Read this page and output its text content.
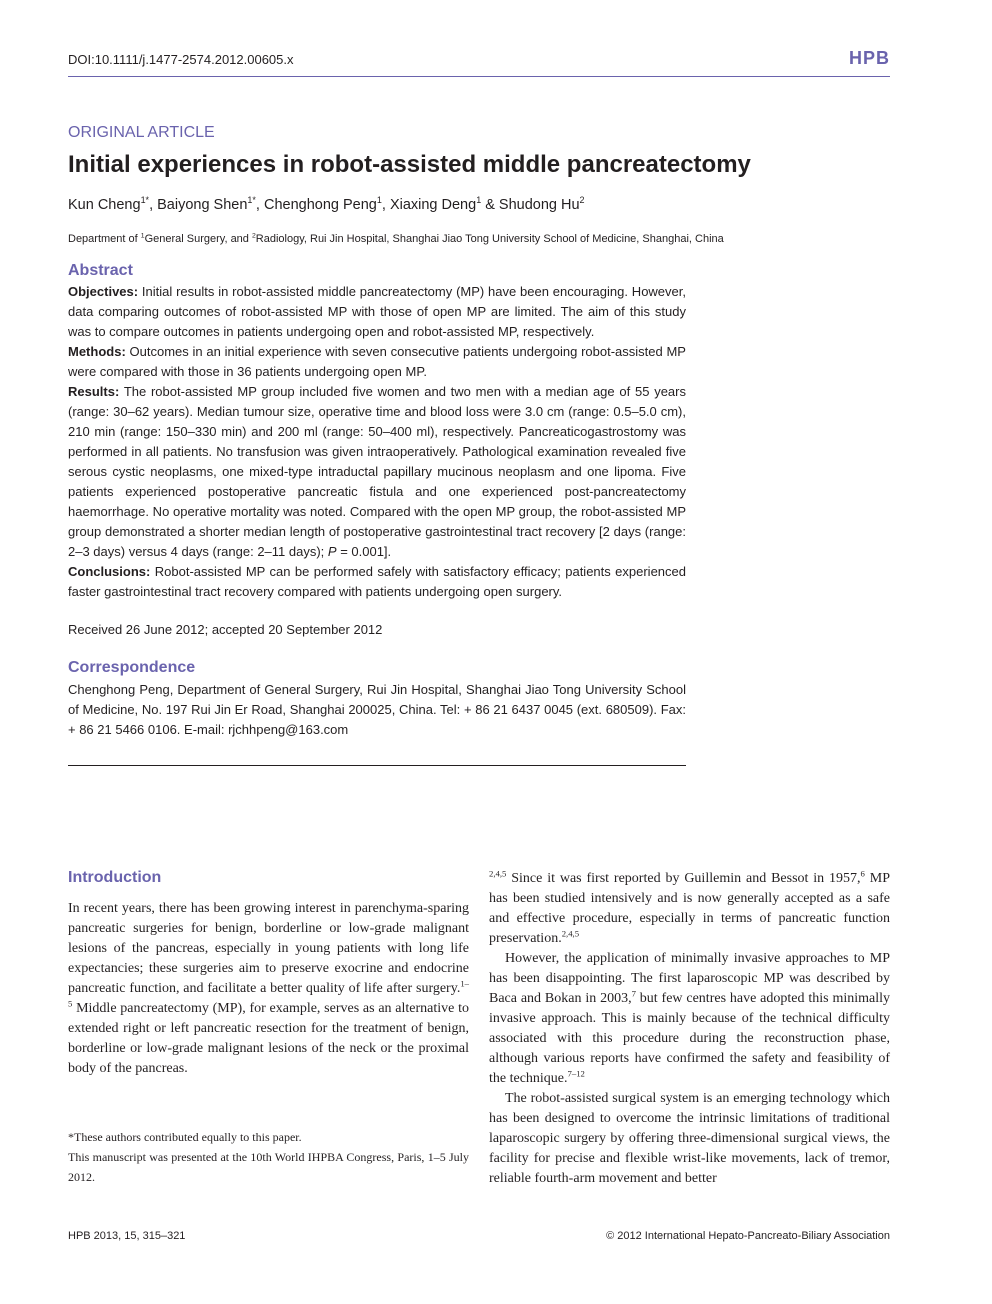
DOI:10.1111/j.1477-2574.2012.00605.x	HPB
ORIGINAL ARTICLE
Initial experiences in robot-assisted middle pancreatectomy
Kun Cheng$^{1*}$, Baiyong Shen$^{1*}$, Chenghong Peng$^1$, Xiaxing Deng$^1$ & Shudong Hu$^2$
Department of $^1$General Surgery, and $^2$Radiology, Rui Jin Hospital, Shanghai Jiao Tong University School of Medicine, Shanghai, China
Abstract

Objectives: Initial results in robot-assisted middle pancreatectomy (MP) have been encouraging. However, data comparing outcomes of robot-assisted MP with those of open MP are limited. The aim of this study was to compare outcomes in patients undergoing open and robot-assisted MP, respectively.

Methods: Outcomes in an initial experience with seven consecutive patients undergoing robot-assisted MP were compared with those in 36 patients undergoing open MP.

Results: The robot-assisted MP group included five women and two men with a median age of 55 years (range: 30–62 years). Median tumour size, operative time and blood loss were 3.0 cm (range: 0.5–5.0 cm), 210 min (range: 150–330 min) and 200 ml (range: 50–400 ml), respectively. Pancreaticogastrostomy was performed in all patients. No transfusion was given intraoperatively. Pathological examination revealed five serous cystic neoplasms, one mixed-type intraductal papillary mucinous neoplasm and one lipoma. Five patients experienced postoperative pancreatic fistula and one experienced post-pancreatectomy haemorrhage. No operative mortality was noted. Compared with the open MP group, the robot-assisted MP group demonstrated a shorter median length of postoperative gastrointestinal tract recovery [2 days (range: 2–3 days) versus 4 days (range: 2–11 days); P = 0.001].

Conclusions: Robot-assisted MP can be performed safely with satisfactory efficacy; patients experienced faster gastrointestinal tract recovery compared with patients undergoing open surgery.

Received 26 June 2012; accepted 20 September 2012
Correspondence

Chenghong Peng, Department of General Surgery, Rui Jin Hospital, Shanghai Jiao Tong University School of Medicine, No. 197 Rui Jin Er Road, Shanghai 200025, China. Tel: + 86 21 6437 0045 (ext. 680509). Fax: + 86 21 5466 0106. E-mail: rjchhpeng@163.com

Introduction

In recent years, there has been growing interest in parenchyma-sparing pancreatic surgeries for benign, borderline or low-grade malignant lesions of the pancreas, especially in young patients with long life expectancies; these surgeries aim to preserve exocrine and endocrine pancreatic function, and facilitate a better quality of life after surgery.$^{1-5}$ Middle pancreatectomy (MP), for example, serves as an alternative to extended right or left pancreatic resection for the treatment of benign, borderline or low-grade malignant lesions of the neck or the proximal body of the pancreas.

*These authors contributed equally to this paper.

This manuscript was presented at the 10th World IHPBA Congress, Paris, 1–5 July 2012.

$^{2,4,5}$ Since it was first reported by Guillemin and Bessot in 1957,$^6$ MP has been studied intensively and is now generally accepted as a safe and effective procedure, especially in terms of pancreatic function preservation.$^{2,4,5}$

However, the application of minimally invasive approaches to MP has been disappointing. The first laparoscopic MP was described by Baca and Bokan in 2003,$^7$ but few centres have adopted this minimally invasive approach. This is mainly because of the technical difficulty associated with this procedure during the reconstruction phase, although various reports have confirmed the safety and feasibility of the technique.$^{7-12}$

The robot-assisted surgical system is an emerging technology which has been designed to overcome the intrinsic limitations of traditional laparoscopic surgery by offering three-dimensional surgical views, the facility for precise and flexible wrist-like movements, lack of tremor, reliable fourth-arm movement and better

HPB 2013, 15, 315–321	© 2012 International Hepato-Pancreato-Biliary Association
